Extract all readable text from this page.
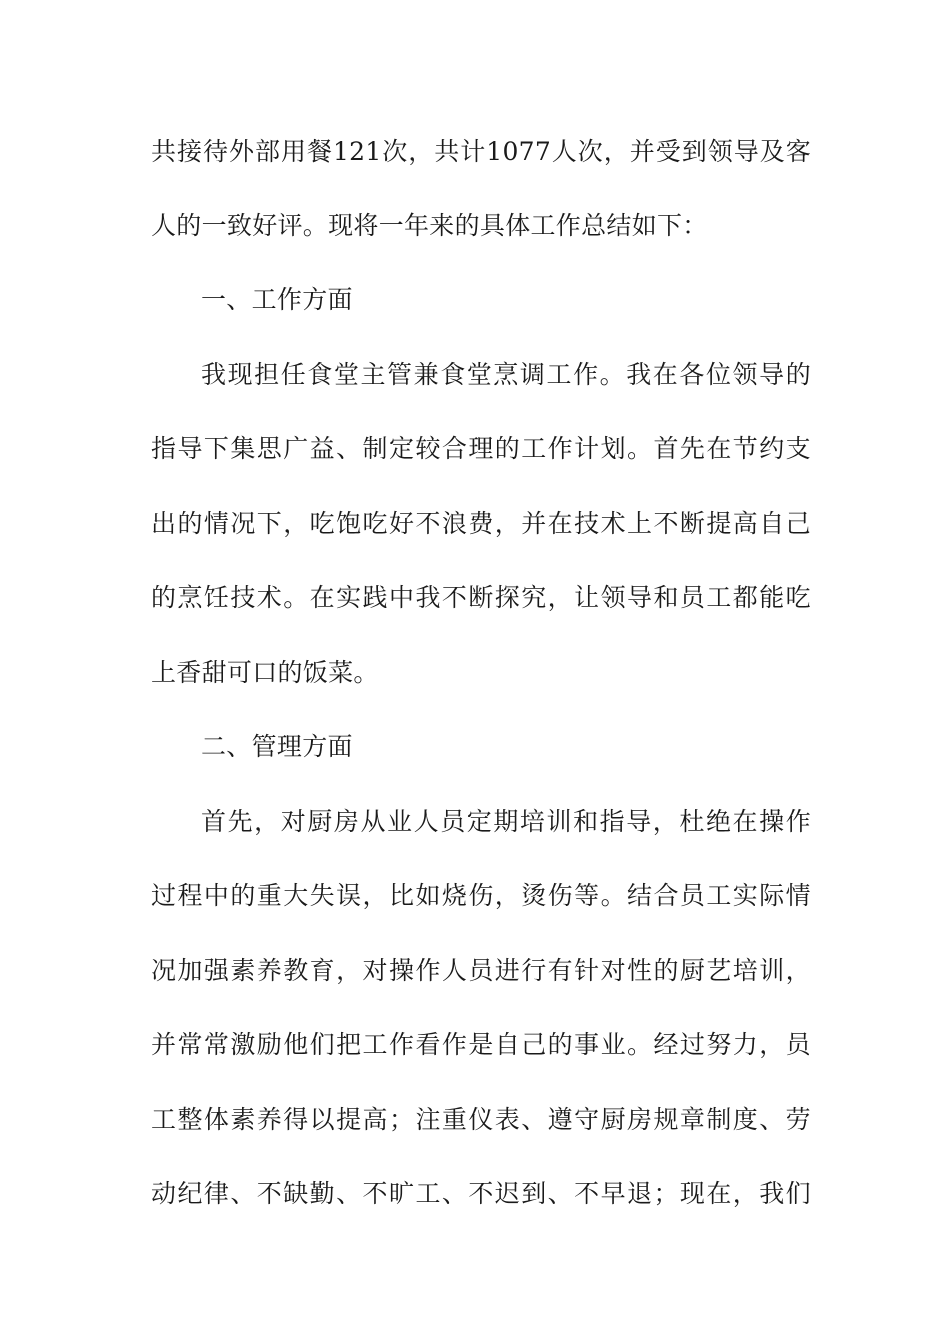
共接待外部用餐121次，共计1077人次，并受到领导及客
人的一致好评。现将一年来的具体工作总结如下：
一、工作方面
我现担任食堂主管兼食堂烹调工作。我在各位领导的
指导下集思广益、制定较合理的工作计划。首先在节约支
出的情况下，吃饱吃好不浪费，并在技术上不断提高自己
的烹饪技术。在实践中我不断探究，让领导和员工都能吃
上香甜可口的饭菜。
二、管理方面
首先，对厨房从业人员定期培训和指导，杜绝在操作
过程中的重大失误，比如烧伤，烫伤等。结合员工实际情
况加强素养教育，对操作人员进行有针对性的厨艺培训，
并常常激励他们把工作看作是自己的事业。经过努力，员
工整体素养得以提高；注重仪表、遵守厨房规章制度、劳
动纪律、不缺勤、不旷工、不迟到、不早退；现在，我们
